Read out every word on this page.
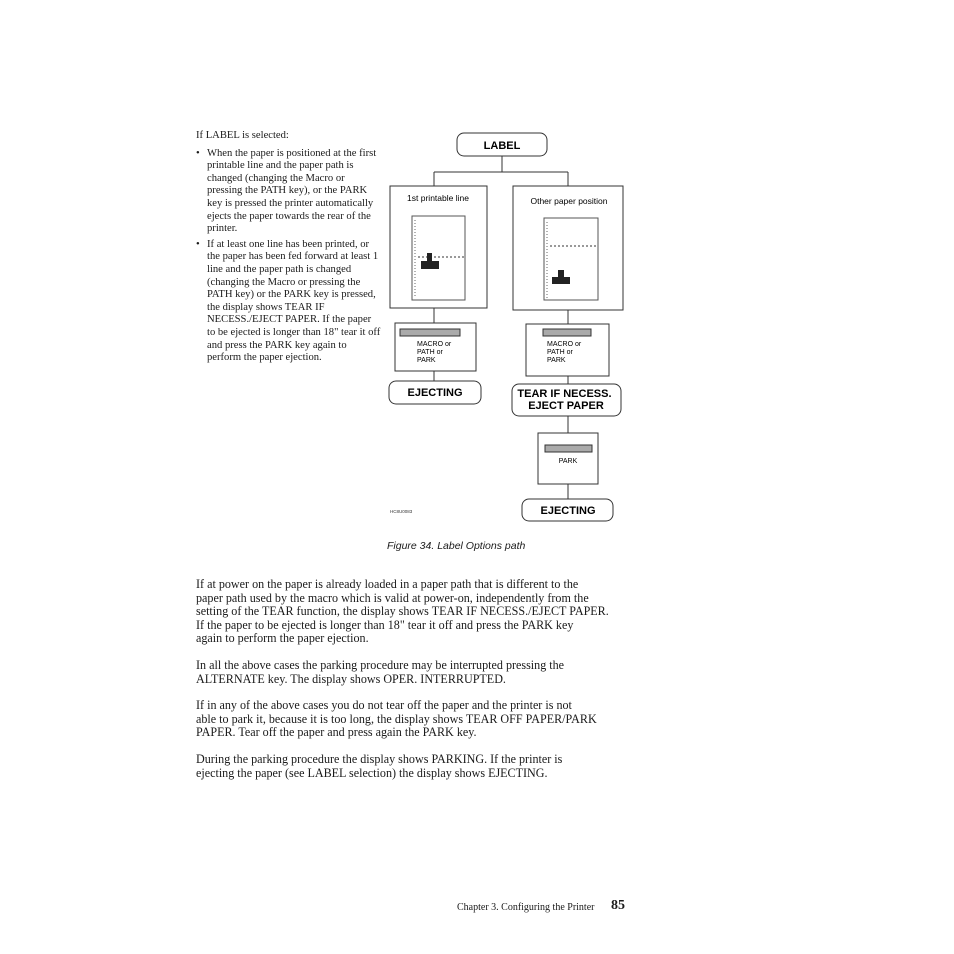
If LABEL is selected:

• When the paper is positioned at the first printable line and the paper path is changed (changing the Macro or pressing the PATH key), or the PARK key is pressed the printer automatically ejects the paper towards the rear of the printer.
• If at least one line has been printed, or the paper has been fed forward at least 1 line and the paper path is changed (changing the Macro or pressing the PATH key) or the PARK key is pressed, the display shows TEAR IF NECESS./EJECT PAPER. If the paper to be ejected is longer than 18" tear it off and press the PARK key again to perform the paper ejection.
LABEL
1st printable line	Other paper position
MACRO or PATH or PARK
MACRO or PATH or PARK
EJECTING	TEAR IF NECESS. EJECT PAPER
PARK
EJECTING
HC8U0083
Figure 34. Label Options path

If at power on the paper is already loaded in a paper path that is different to the

paper path used by the macro which is valid at power-on, independently from the

setting of the TEAR function, the display shows TEAR IF NECESS./EJECT PAPER.

If the paper to be ejected is longer than 18" tear it off and press the PARK key

again to perform the paper ejection.

In all the above cases the parking procedure may be interrupted pressing the

ALTERNATE key. The display shows OPER. INTERRUPTED.

If in any of the above cases you do not tear off the paper and the printer is not

able to park it, because it is too long, the display shows TEAR OFF PAPER/PARK

PAPER. Tear off the paper and press again the PARK key.

During the parking procedure the display shows PARKING. If the printer is

ejecting the paper (see LABEL selection) the display shows EJECTING.

Chapter 3. Configuring the Printer 85
